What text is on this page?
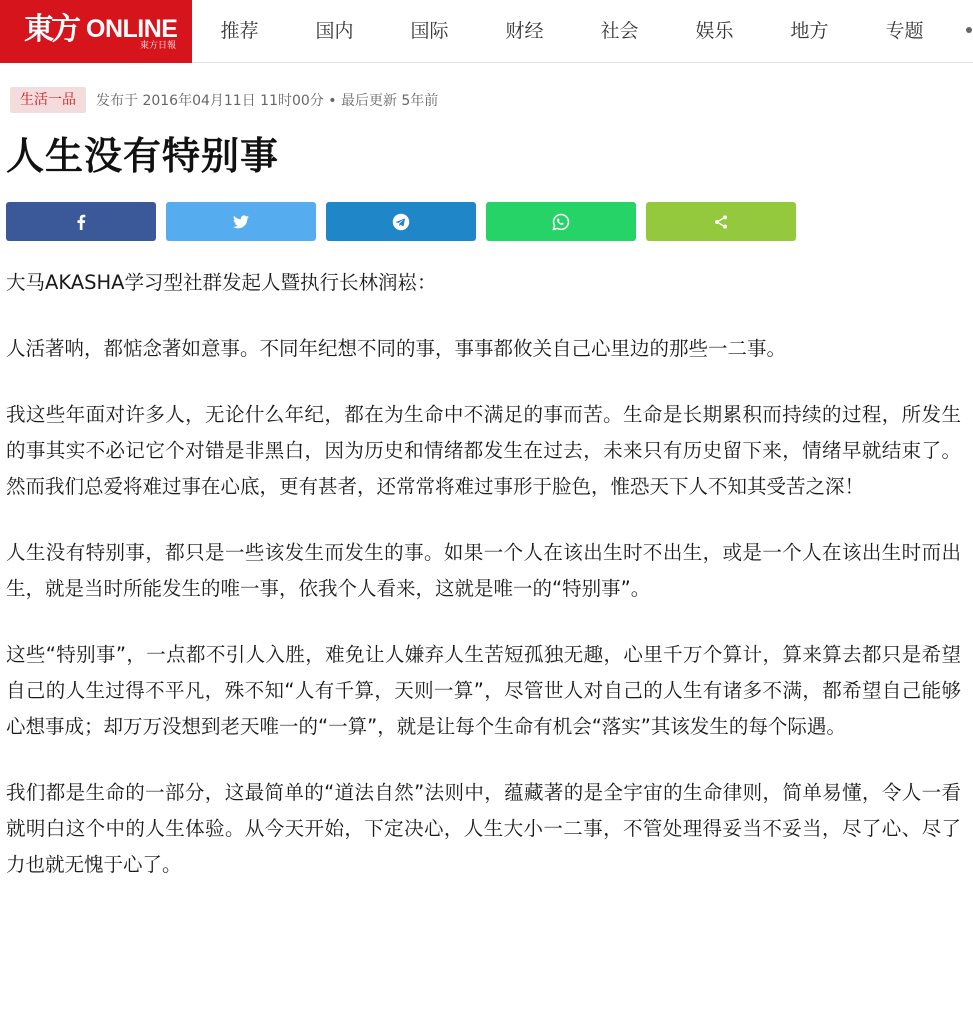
東方 ONLINE
東方日報
推荐	国内	国际	财经	社会	娱乐	地方	专题
生活一品	发布于 2016年04月11日 11时00分 • 最后更新 5年前
人生没有特别事

大马AKASHA学习型社群发起人暨执行长林润崧：

人活著呐，都惦念著如意事。不同年纪想不同的事，事事都攸关自己心里边的那些一二事。

我这些年面对许多人，无论什么年纪，都在为生命中不满足的事而苦。生命是长期累积而持续的过程，所发生的事其实不必记它个对错是非黑白，因为历史和情绪都发生在过去，未来只有历史留下来，情绪早就结束了。然而我们总爱将难过事在心底，更有甚者，还常常将难过事形于脸色，惟恐天下人不知其受苦之深！

人生没有特别事，都只是一些该发生而发生的事。如果一个人在该出生时不出生，或是一个人在该出生时而出生，就是当时所能发生的唯一事，依我个人看来，这就是唯一的“特别事”。

这些“特别事”，一点都不引人入胜，难免让人嫌弃人生苦短孤独无趣，心里千万个算计，算来算去都只是希望自己的人生过得不平凡，殊不知“人有千算，天则一算”，尽管世人对自己的人生有诸多不满，都希望自己能够心想事成；却万万没想到老天唯一的“一算”，就是让每个生命有机会“落实”其该发生的每个际遇。

我们都是生命的一部分，这最简单的“道法自然”法则中，蕴藏著的是全宇宙的生命律则，简单易懂，令人一看就明白这个中的人生体验。从今天开始，下定决心，人生大小一二事，不管处理得妥当不妥当，尽了心、尽了力也就无愧于心了。
